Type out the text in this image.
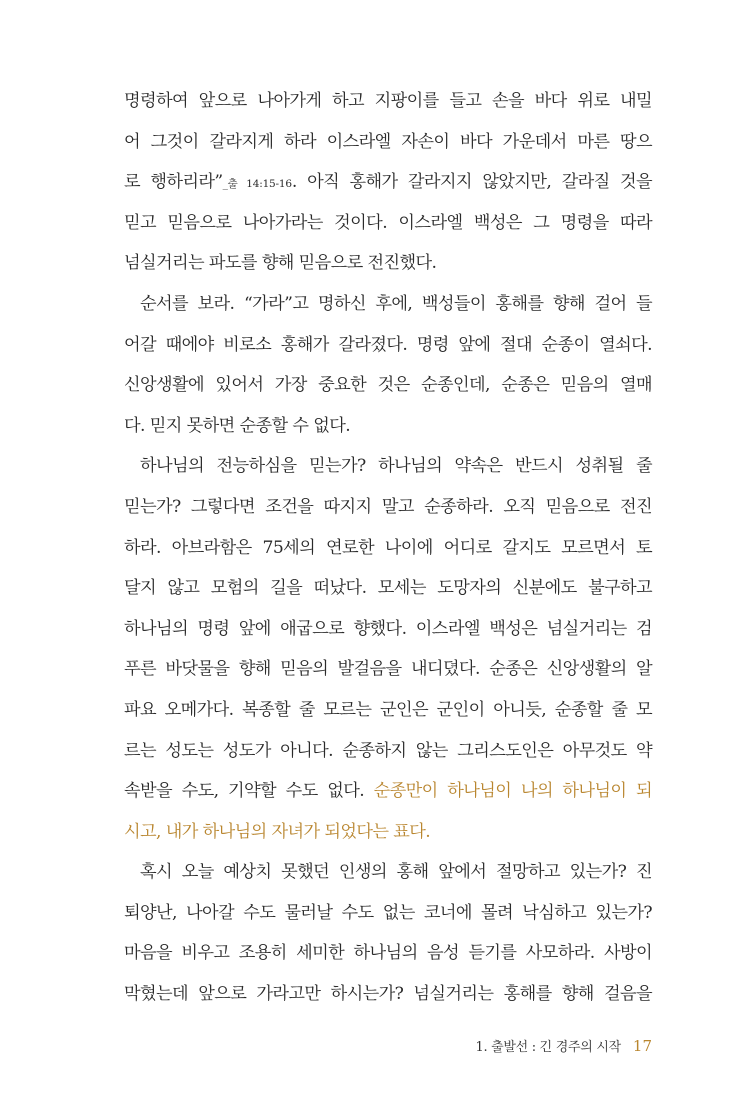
명령하여 앞으로 나아가게 하고 지팡이를 들고 손을 바다 위로 내밀
어 그것이 갈라지게 하라 이스라엘 자손이 바다 가운데서 마른 땅으
로 행하리라”_출 14:15-16. 아직 홍해가 갈라지지 않았지만, 갈라질 것을
믿고 믿음으로 나아가라는 것이다. 이스라엘 백성은 그 명령을 따라
넘실거리는 파도를 향해 믿음으로 전진했다.
순서를 보라. “가라”고 명하신 후에, 백성들이 홍해를 향해 걸어 들
어갈 때에야 비로소 홍해가 갈라졌다. 명령 앞에 절대 순종이 열쇠다.
신앙생활에 있어서 가장 중요한 것은 순종인데, 순종은 믿음의 열매
다. 믿지 못하면 순종할 수 없다.
하나님의 전능하심을 믿는가? 하나님의 약속은 반드시 성취될 줄
믿는가? 그렇다면 조건을 따지지 말고 순종하라. 오직 믿음으로 전진
하라. 아브라함은 75세의 연로한 나이에 어디로 갈지도 모르면서 토
달지 않고 모험의 길을 떠났다. 모세는 도망자의 신분에도 불구하고
하나님의 명령 앞에 애굽으로 향했다. 이스라엘 백성은 넘실거리는 검
푸른 바닷물을 향해 믿음의 발걸음을 내디뎠다. 순종은 신앙생활의 알
파요 오메가다. 복종할 줄 모르는 군인은 군인이 아니듯, 순종할 줄 모
르는 성도는 성도가 아니다. 순종하지 않는 그리스도인은 아무것도 약
속받을 수도, 기약할 수도 없다. 순종만이 하나님이 나의 하나님이 되
시고, 내가 하나님의 자녀가 되었다는 표다.
혹시 오늘 예상치 못했던 인생의 홍해 앞에서 절망하고 있는가? 진
퇴양난, 나아갈 수도 물러날 수도 없는 코너에 몰려 낙심하고 있는가?
마음을 비우고 조용히 세미한 하나님의 음성 듣기를 사모하라. 사방이
막혔는데 앞으로 가라고만 하시는가? 넘실거리는 홍해를 향해 걸음을
1. 출발선 : 긴 경주의 시작 17
